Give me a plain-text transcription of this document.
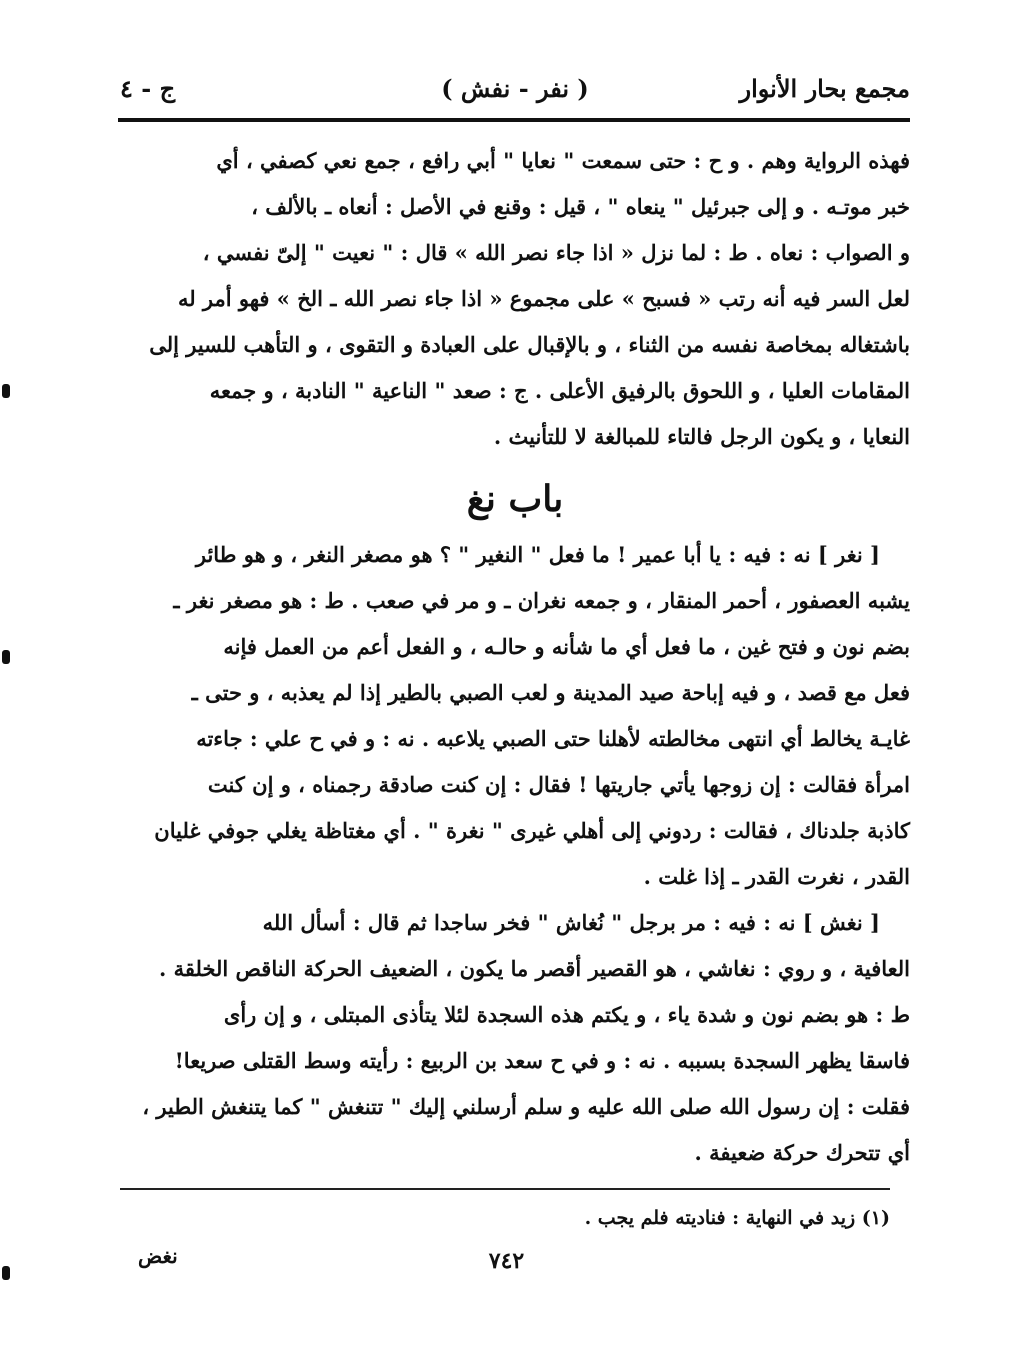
مجمع بحار الأنوار
( نفر - نفش )
ج - ٤

فهذه الرواية وهم . و ح : حتى سمعت " نعايا " أبي رافع ، جمع نعي كصفي ، أي

خبر موتـه . و إلى جبرئيل " ينعاه " ، قيل : وقنع في الأصل : أنعاه ـ بالألف ،

و الصواب : نعاه . ط : لما نزل « اذا جاء نصر الله » قال : " نعيت " إلىّ نفسي ،

لعل السر فيه أنه رتب « فسبح » على مجموع « اذا جاء نصر الله ـ الخ » فهو أمر له

باشتغاله بمخاصة نفسه من الثناء ، و بالإقبال على العبادة و التقوى ، و التأهب للسير إلى

المقامات العليا ، و اللحوق بالرفيق الأعلى . ج : صعد " الناعية " النادبة ، و جمعه

النعايا ، و يكون الرجل فالتاء للمبالغة لا للتأنيث .

باب نغ

[ نغر ] نه : فيه : يا أبا عمير ! ما فعل " النغير " ؟ هو مصغر النغر ، و هو طائر

يشبه العصفور ، أحمر المنقار ، و جمعه نغران ـ و مر في صعب . ط : هو مصغر نغر ـ

بضم نون و فتح غين ، ما فعل أي ما شأنه و حالـه ، و الفعل أعم من العمل فإنه

فعل مع قصد ، و فيه إباحة صيد المدينة و لعب الصبي بالطير إذا لم يعذبه ، و حتى ـ

غايـة يخالط أي انتهى مخالطته لأهلنا حتى الصبي يلاعبه . نه : و في ح علي : جاءته

امرأة فقالت : إن زوجها يأتي جاريتها ! فقال : إن كنت صادقة رجمناه ، و إن كنت

كاذبة جلدناك ، فقالت : ردوني إلى أهلي غيرى " نغرة " . أي مغتاظة يغلي جوفي غليان

القدر ، نغرت القدر ـ إذا غلت .

[ نغش ] نه : فيه : مر برجل " نُغاش " فخر ساجدا ثم قال : أسأل الله

العافية ، و روي : نغاشي ، هو القصير أقصر ما يكون ، الضعيف الحركة الناقص الخلقة .

ط : هو بضم نون و شدة ياء ، و يكتم هذه السجدة لئلا يتأذى المبتلى ، و إن رأى

فاسقا يظهر السجدة بسببه . نه : و في ح سعد بن الربيع : رأيته وسط القتلى صريعا!

فقلت : إن رسول الله صلى الله عليه و سلم أرسلني إليك " تتنغش " كما يتنغش الطير ،

أي تتحرك حركة ضعيفة .

(١) زيد في النهاية : فناديته فلم يجب .
نغض	٧٤٢
